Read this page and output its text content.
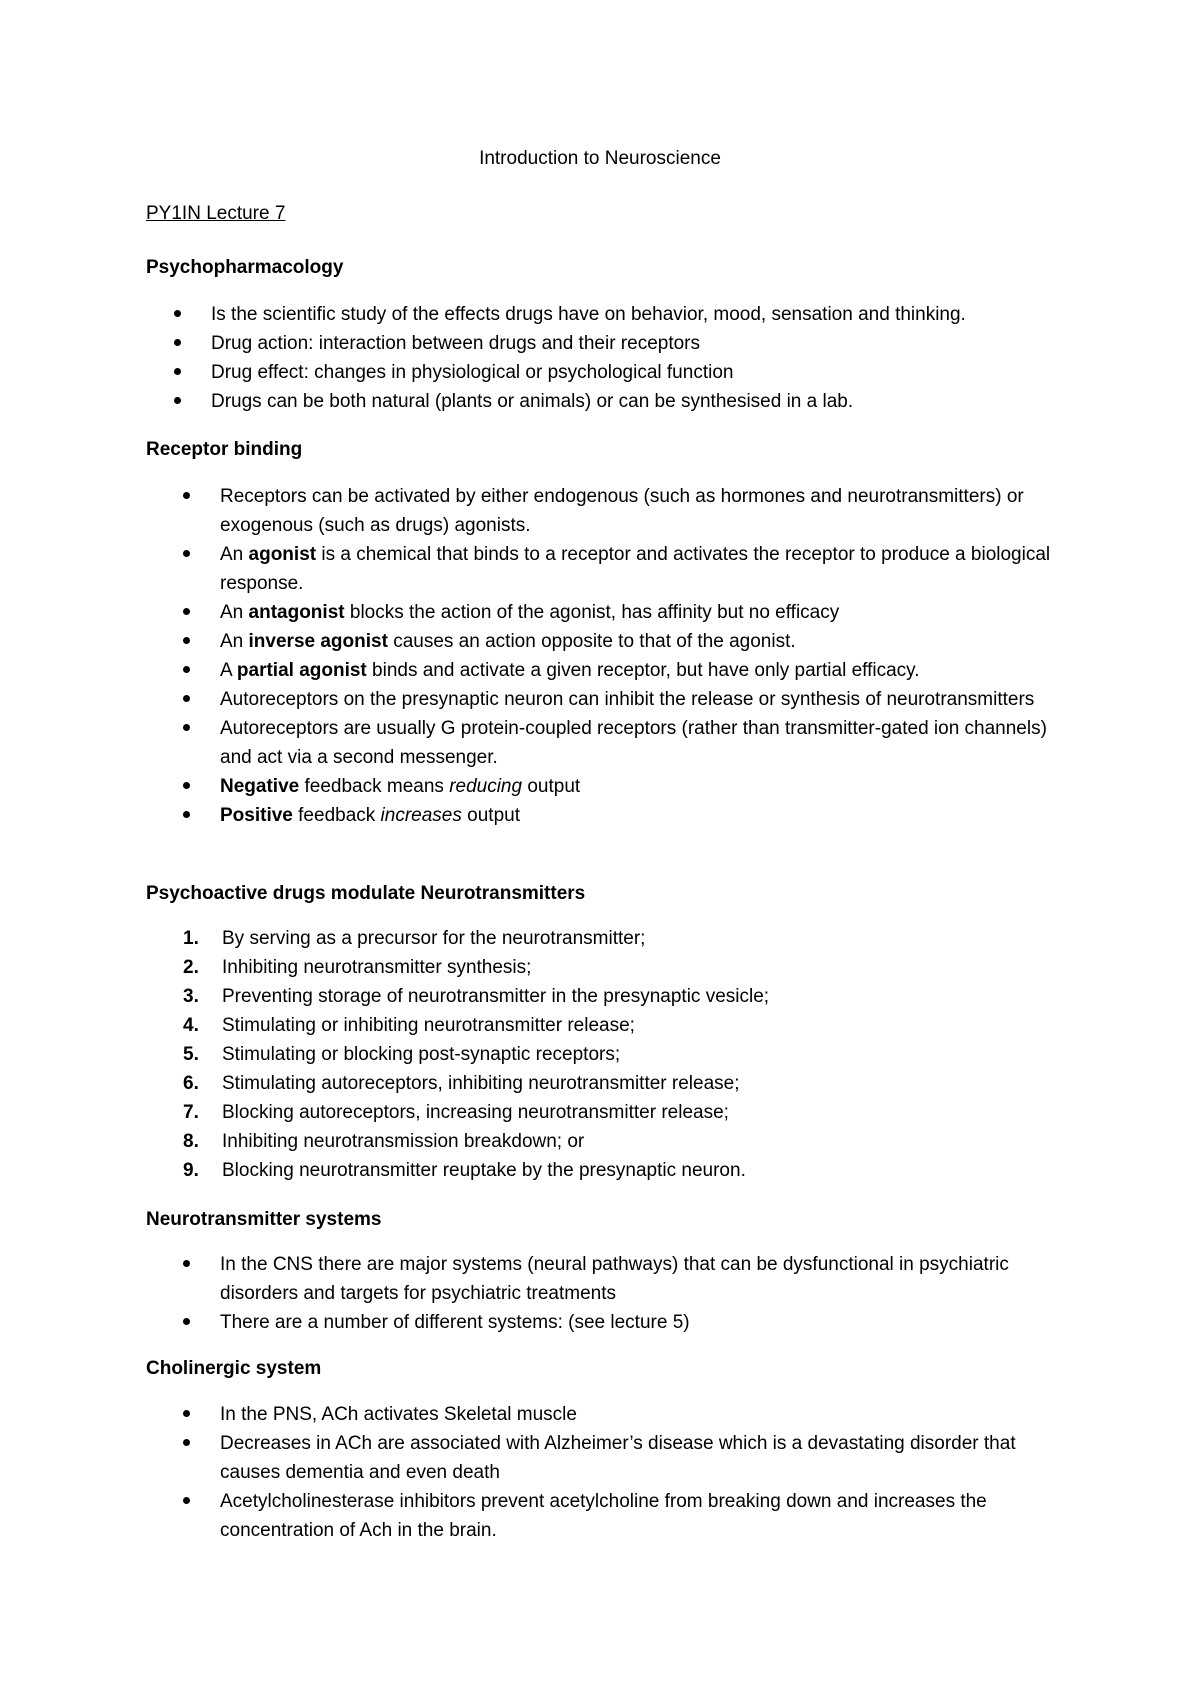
Introduction to Neuroscience
PY1IN Lecture 7
Psychopharmacology
Is the scientific study of the effects drugs have on behavior, mood, sensation and thinking.
Drug action: interaction between drugs and their receptors
Drug effect: changes in physiological or psychological function
Drugs can be both natural (plants or animals) or can be synthesised in a lab.
Receptor binding
Receptors can be activated by either endogenous (such as hormones and neurotransmitters) or exogenous (such as drugs) agonists.
An agonist is a chemical that binds to a receptor and activates the receptor to produce a biological response.
An antagonist blocks the action of the agonist, has affinity but no efficacy
An inverse agonist causes an action opposite to that of the agonist.
A partial agonist binds and activate a given receptor, but have only partial efficacy.
Autoreceptors on the presynaptic neuron can inhibit the release or synthesis of neurotransmitters
Autoreceptors are usually G protein-coupled receptors (rather than transmitter-gated ion channels) and act via a second messenger.
Negative feedback means reducing output
Positive feedback increases output
Psychoactive drugs modulate Neurotransmitters
1. By serving as a precursor for the neurotransmitter;
2. Inhibiting neurotransmitter synthesis;
3. Preventing storage of neurotransmitter in the presynaptic vesicle;
4. Stimulating or inhibiting neurotransmitter release;
5. Stimulating or blocking post-synaptic receptors;
6. Stimulating autoreceptors, inhibiting neurotransmitter release;
7. Blocking autoreceptors, increasing neurotransmitter release;
8. Inhibiting neurotransmission breakdown; or
9. Blocking neurotransmitter reuptake by the presynaptic neuron.
Neurotransmitter systems
In the CNS there are major systems (neural pathways) that can be dysfunctional in psychiatric disorders and targets for psychiatric treatments
There are a number of different systems: (see lecture 5)
Cholinergic system
In the PNS, ACh activates Skeletal muscle
Decreases in ACh are associated with Alzheimer’s disease which is a devastating disorder that causes dementia and even death
Acetylcholinesterase inhibitors prevent acetylcholine from breaking down and increases the concentration of Ach in the brain.
